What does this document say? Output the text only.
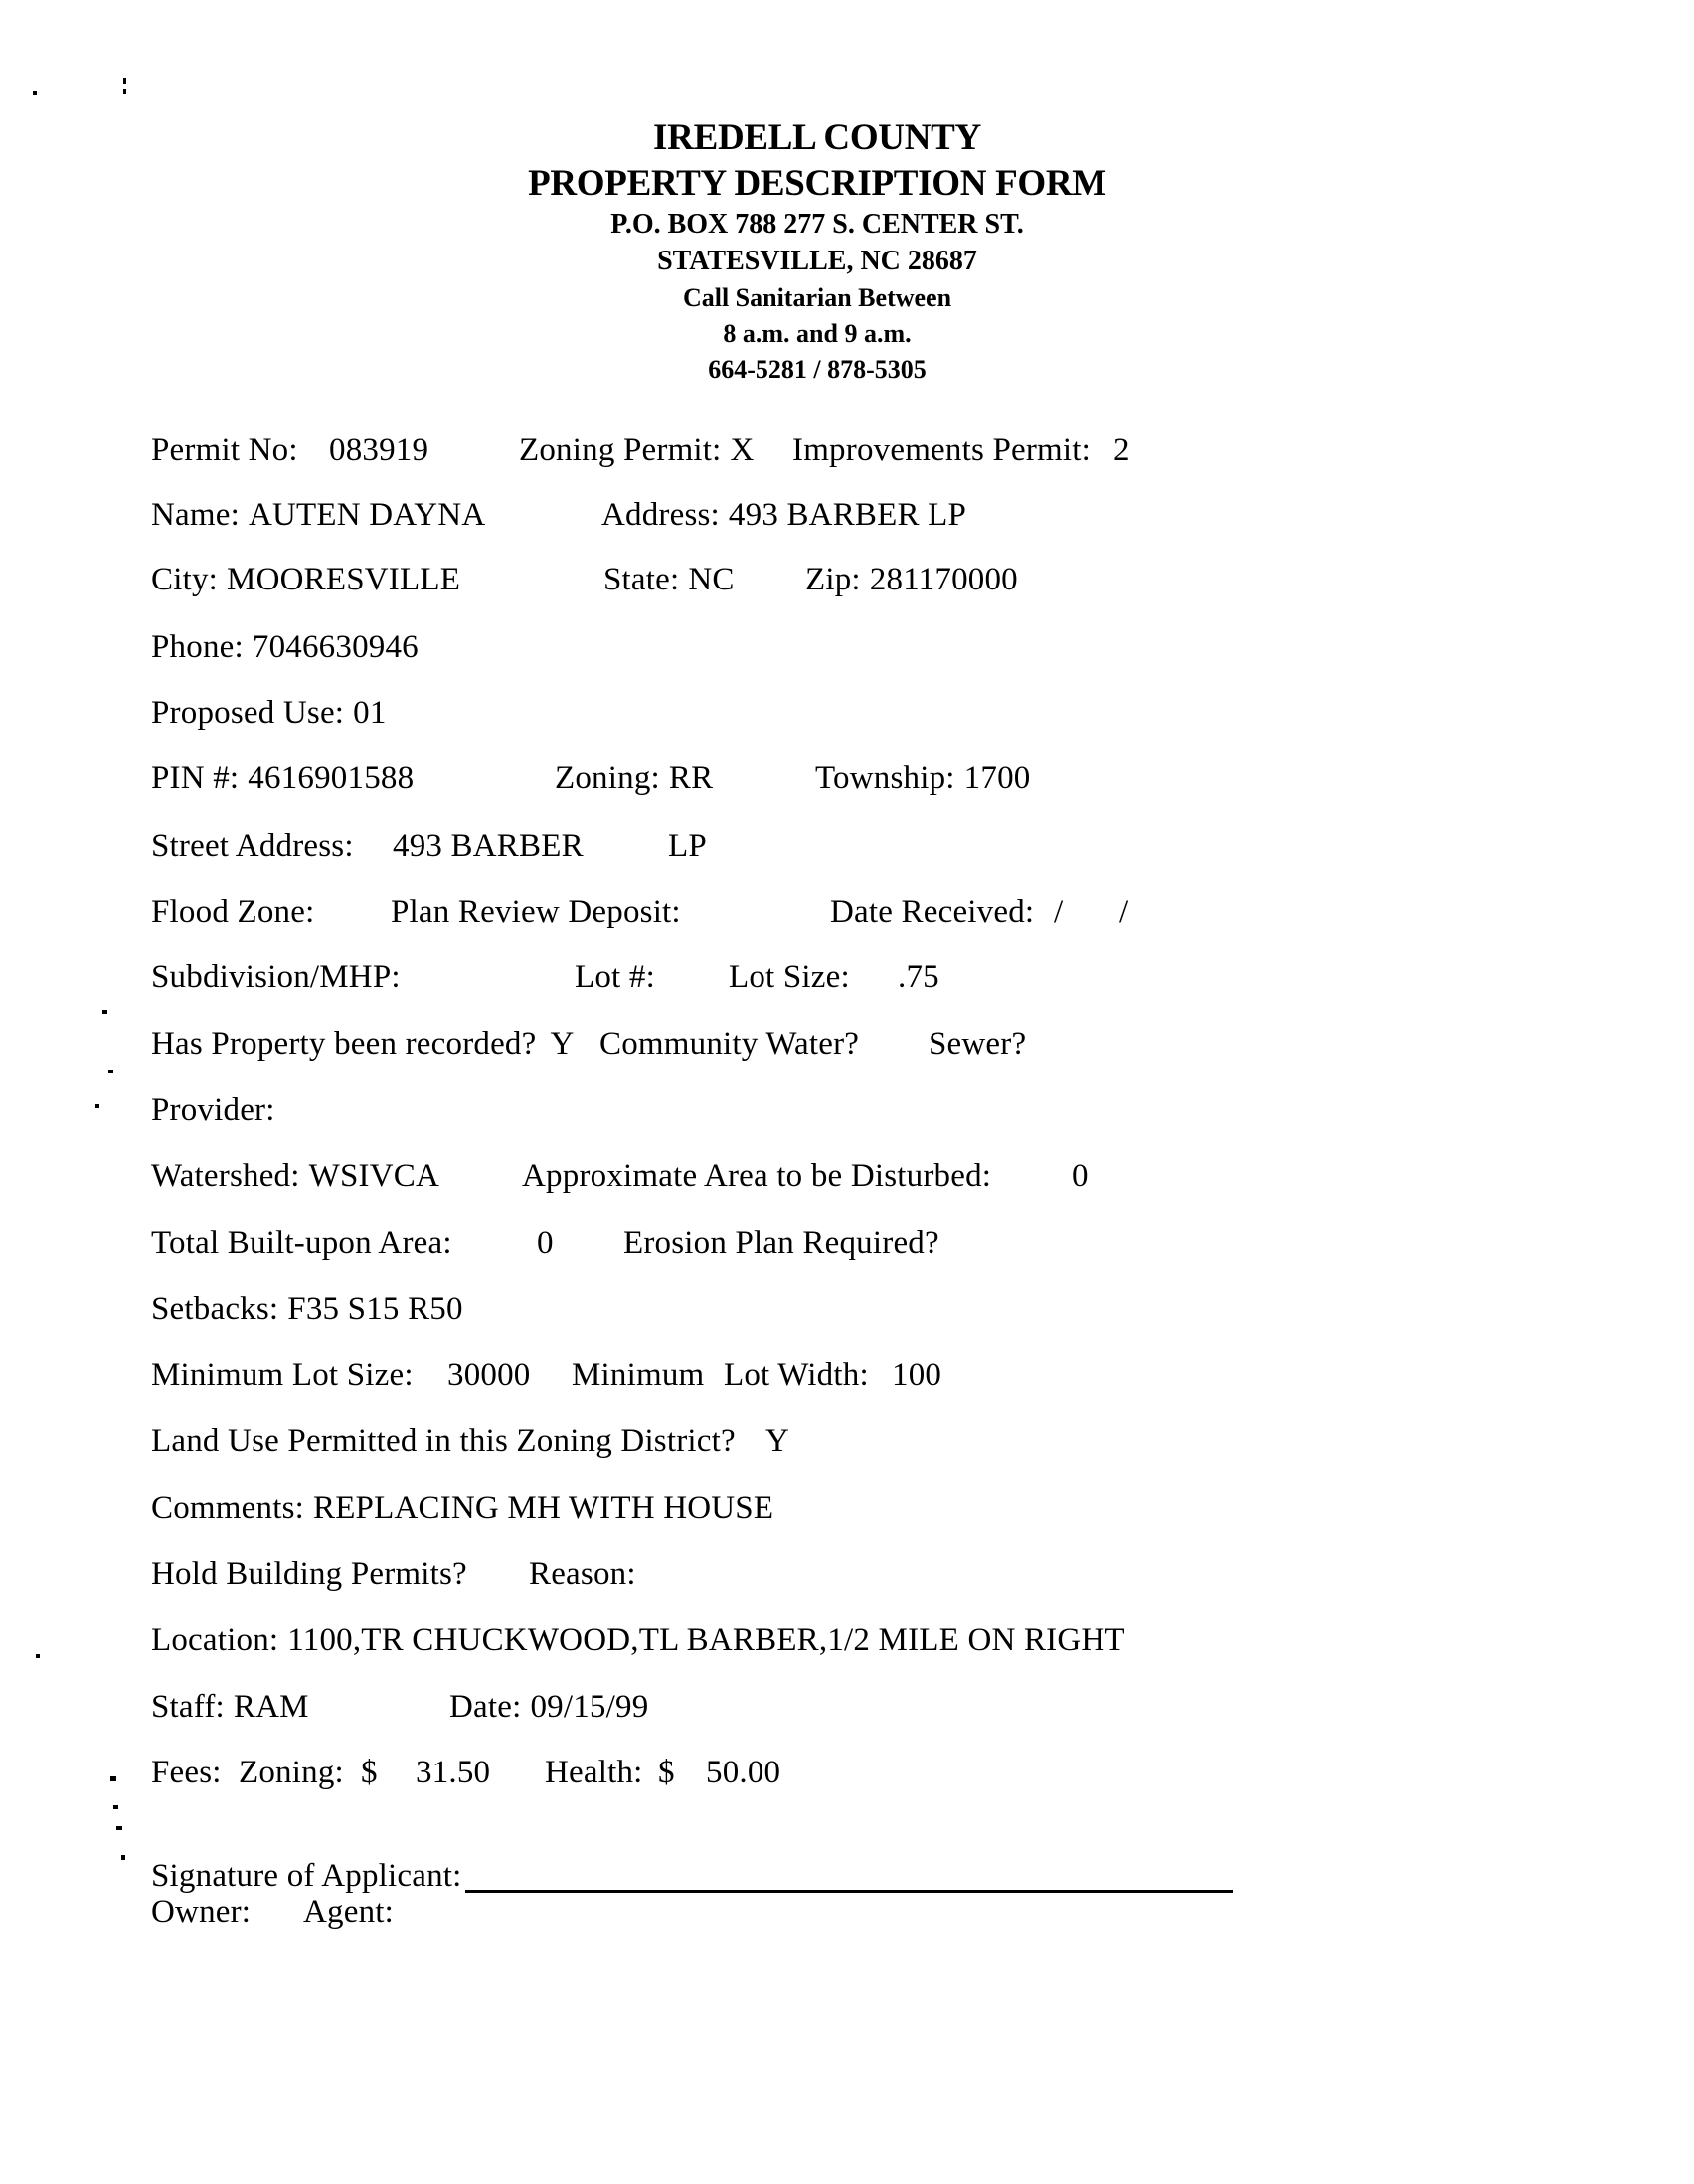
IREDELL COUNTY
PROPERTY DESCRIPTION FORM
P.O. BOX 788 277 S. CENTER ST.
STATESVILLE, NC 28687
Call Sanitarian Between
8 a.m. and 9 a.m.
664-5281 / 878-5305
Permit No: 083919	Zoning Permit: X Improvements Permit: 2
Name: AUTEN DAYNA	Address: 493 BARBER LP
City: MOORESVILLE	State: NC Zip: 281170000
Phone: 7046630946
Proposed Use: 01
PIN #: 4616901588	Zoning: RR	Township: 1700
Street Address: 493 BARBER	LP
Flood Zone: Plan Review Deposit:	Date Received: / /
Subdivision/MHP:	Lot #: Lot Size: .75
Has Property been recorded? Y Community Water? Sewer?
Provider:
Watershed: WSIVCA	Approximate Area to be Disturbed: 0
Total Built-upon Area:	0 Erosion Plan Required?
Setbacks: F35 S15 R50
Minimum Lot Size: 30000 Minimum Lot Width: 100
Land Use Permitted in this Zoning District? Y
Comments: REPLACING MH WITH HOUSE
Hold Building Permits? Reason:
Location: 1100,TR CHUCKWOOD,TL BARBER,1/2 MILE ON RIGHT
Staff: RAM	Date: 09/15/99
Fees: Zoning: $ 31.50 Health: $ 50.00
Signature of Applicant:
Owner: Agent:
